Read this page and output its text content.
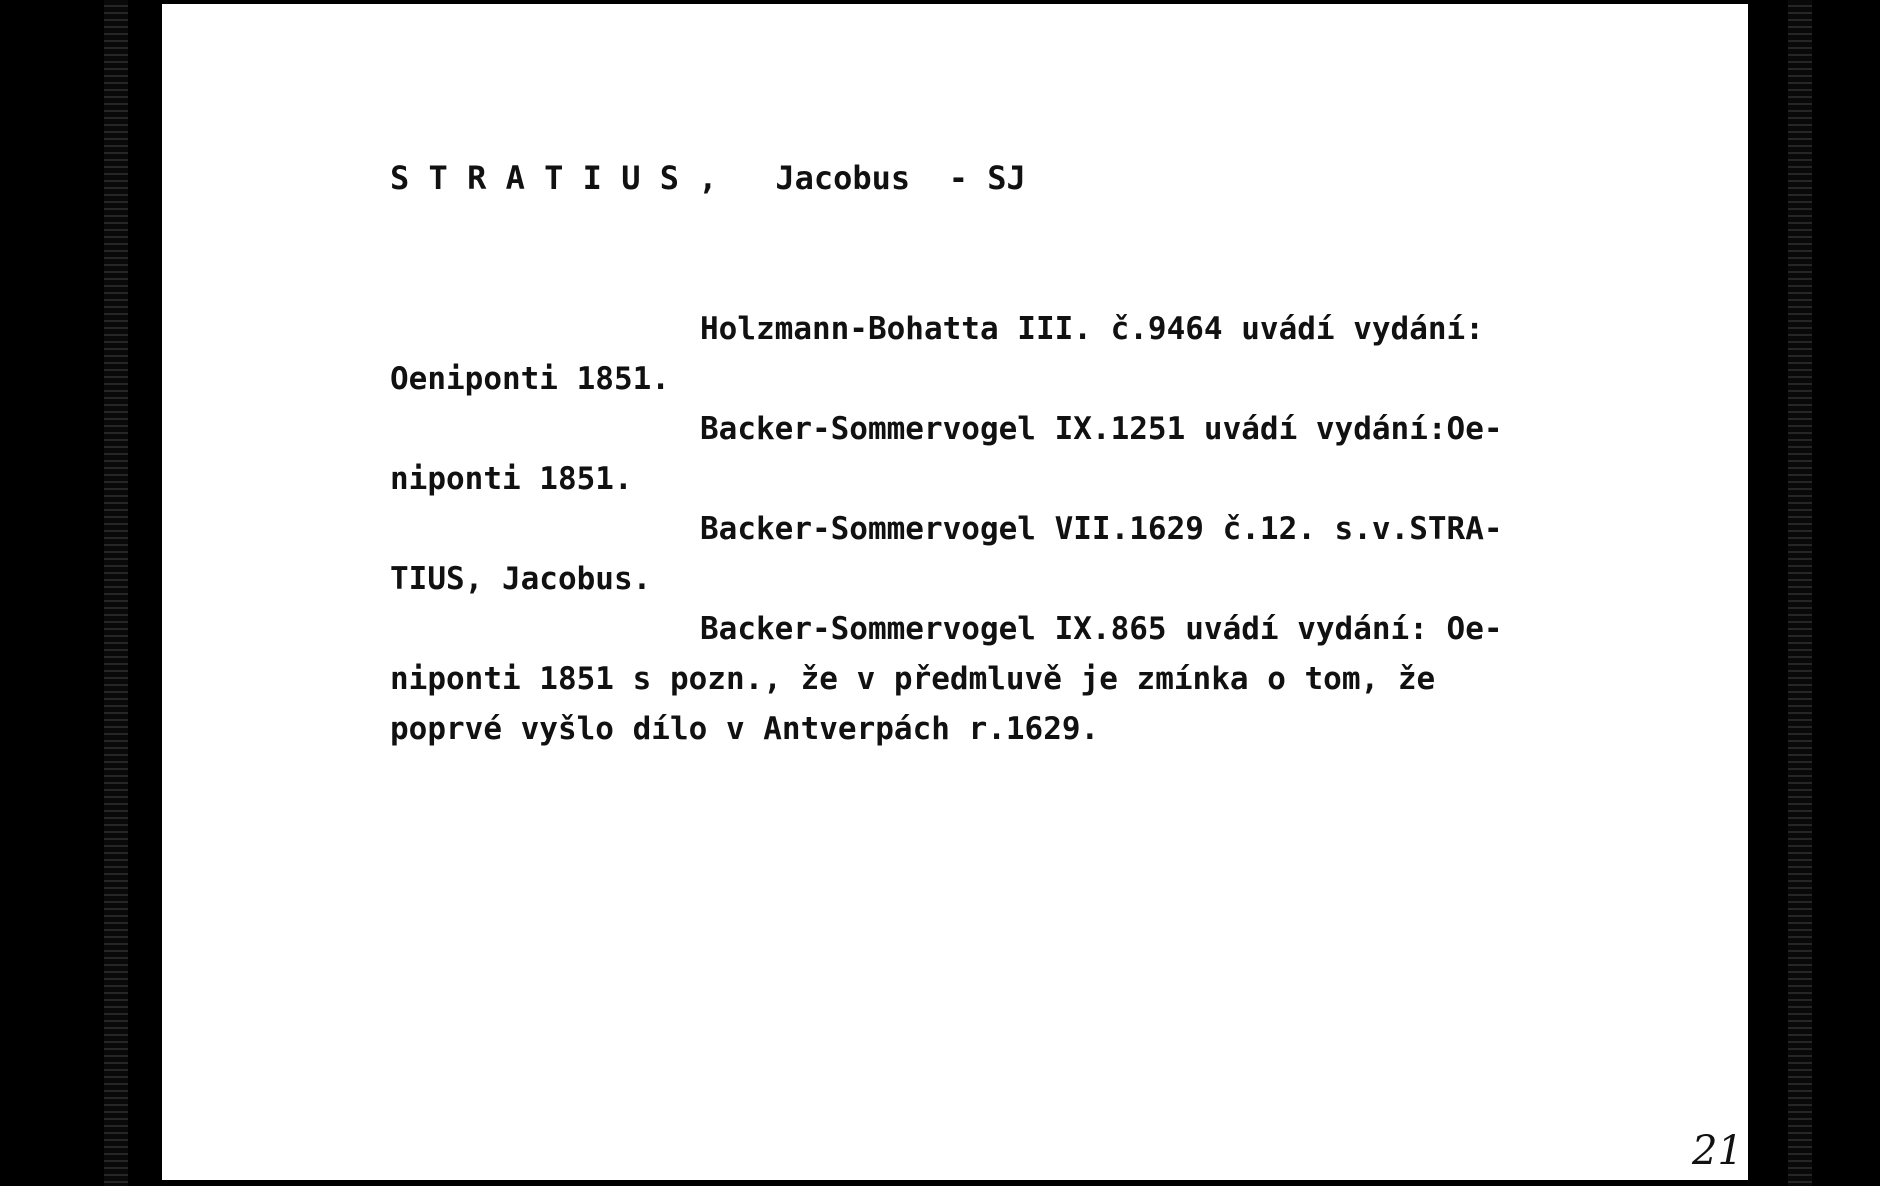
S T R A T I U S ,   Jacobus  - SJ
Holzmann-Bohatta III. č.9464 uvádí vydání:
Oeniponti 1851.
Backer-Sommervogel IX.1251 uvádí vydání:Oe-
niponti 1851.
Backer-Sommervogel VII.1629 č.12. s.v.STRA-
TIUS, Jacobus.
Backer-Sommervogel IX.865 uvádí vydání: Oe-
niponti 1851 s pozn., že v předmluvě je zmínka o tom, že
poprvé vyšlo dílo v Antverpách r.1629.
21
